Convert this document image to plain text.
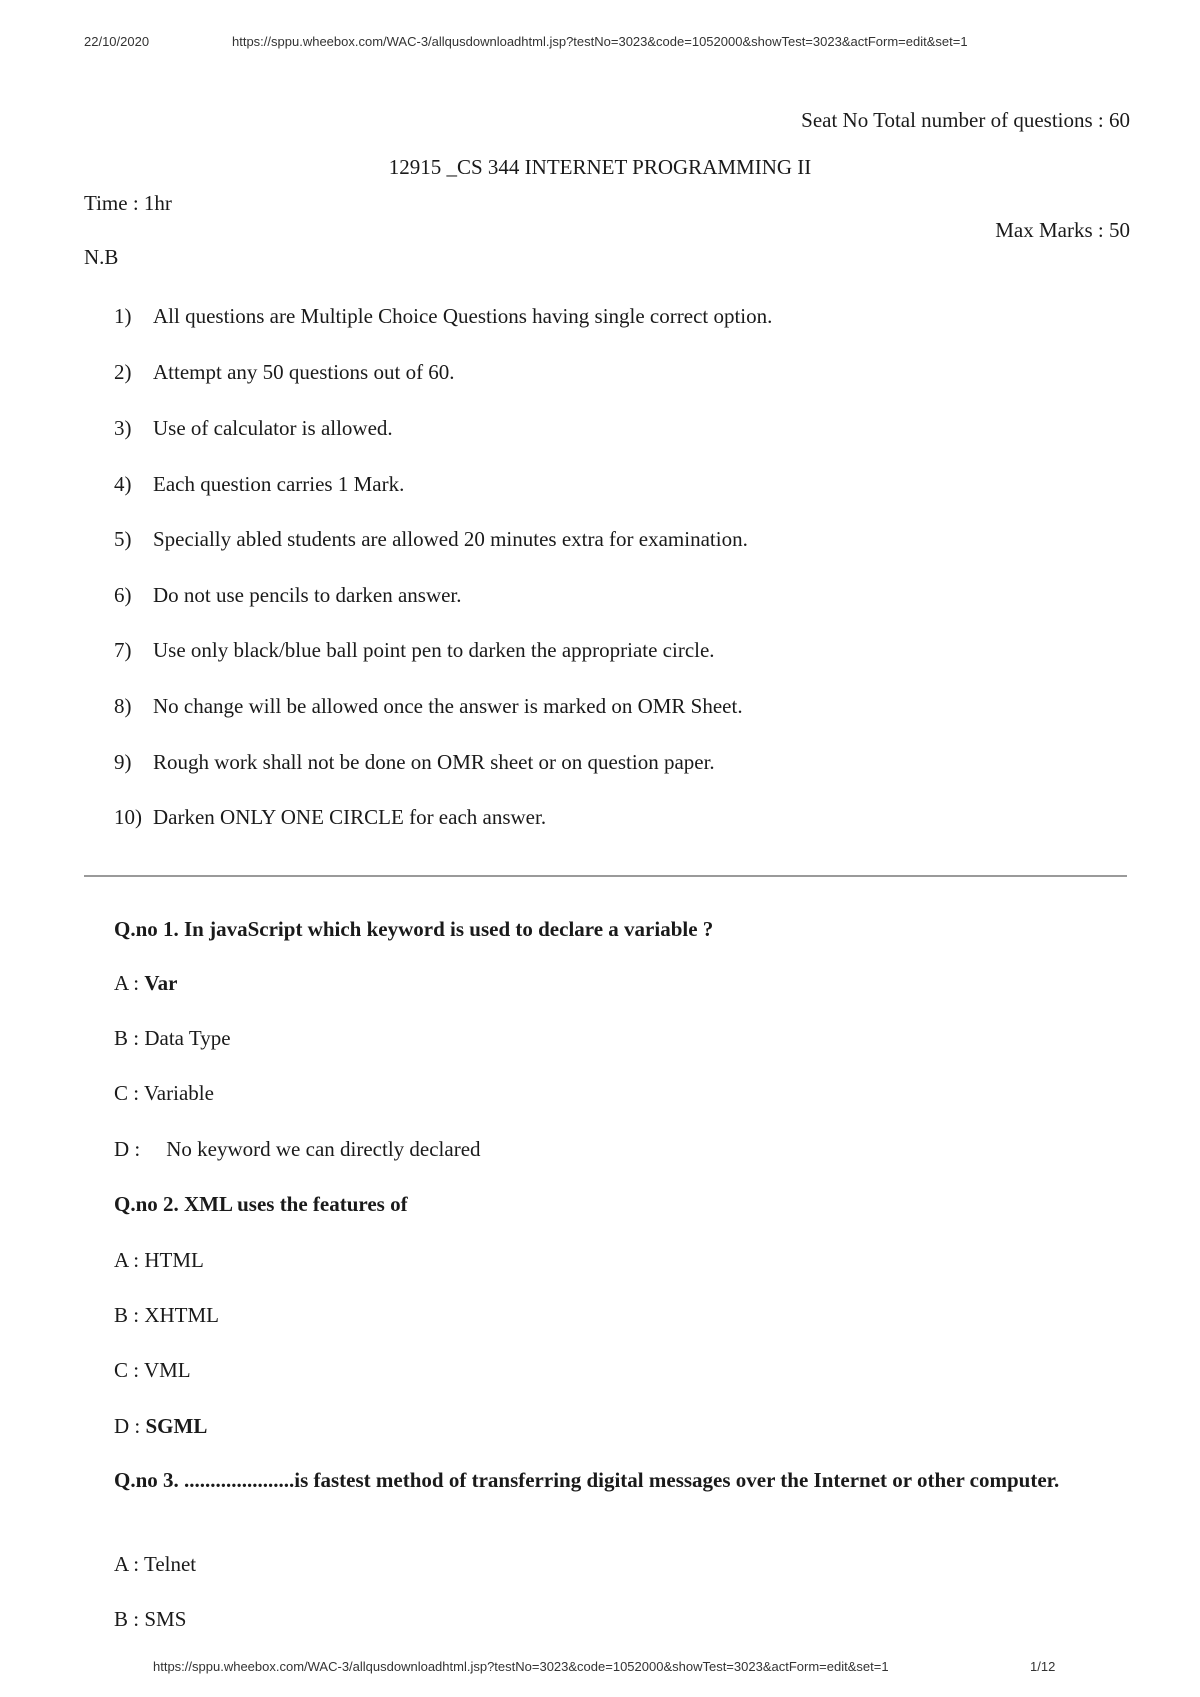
22/10/2020	https://sppu.wheebox.com/WAC-3/allqusdownloadhtml.jsp?testNo=3023&code=1052000&showTest=3023&actForm=edit&set=1
Seat No Total number of questions : 60
12915 _CS 344 INTERNET PROGRAMMING II
Time : 1hr
Max Marks : 50
N.B
1) All questions are Multiple Choice Questions having single correct option.
2) Attempt any 50 questions out of 60.
3) Use of calculator is allowed.
4) Each question carries 1 Mark.
5) Specially abled students are allowed 20 minutes extra for examination.
6) Do not use pencils to darken answer.
7) Use only black/blue ball point pen to darken the appropriate circle.
8) No change will be allowed once the answer is marked on OMR Sheet.
9) Rough work shall not be done on OMR sheet or on question paper.
10) Darken ONLY ONE CIRCLE for each answer.
Q.no 1. In javaScript which keyword is used to declare a variable ?
A : Var
B : Data Type
C : Variable
D : No keyword we can directly declared
Q.no 2. XML uses the features of
A : HTML
B : XHTML
C : VML
D : SGML
Q.no 3. .....................is fastest method of transferring digital messages over the Internet or other computer.
A : Telnet
B : SMS
https://sppu.wheebox.com/WAC-3/allqusdownloadhtml.jsp?testNo=3023&code=1052000&showTest=3023&actForm=edit&set=1	1/12
